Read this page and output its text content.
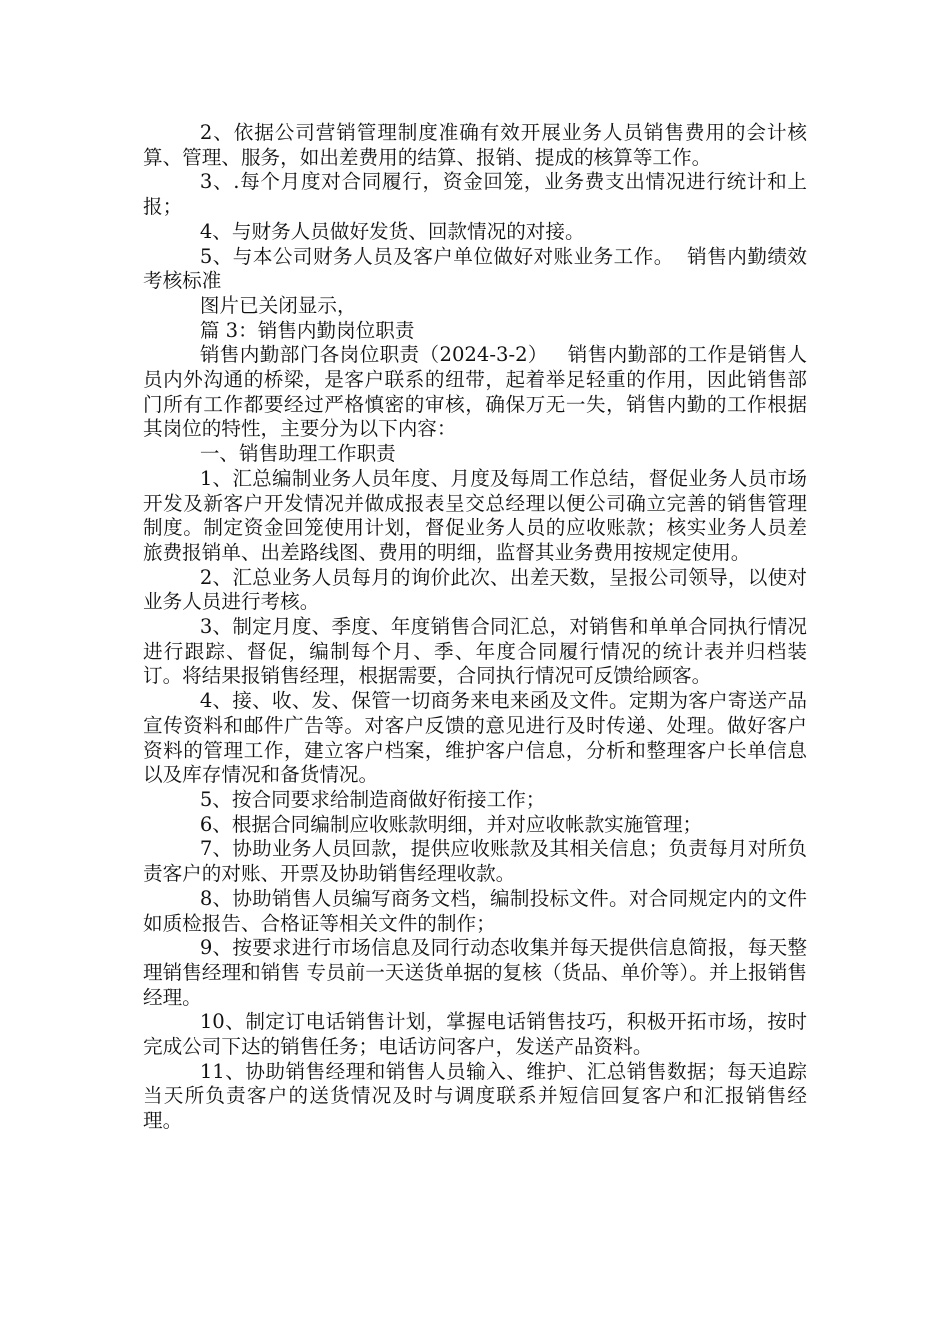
2、依据公司营销管理制度准确有效开展业务人员销售费用的会计核算、管理、服务，如出差费用的结算、报销、提成的核算等工作。

3、.每个月度对合同履行，资金回笼，业务费支出情况进行统计和上报；

4、与财务人员做好发货、回款情况的对接。

5、与本公司财务人员及客户单位做好对账业务工作。  销售内勤绩效考核标准

图片已关闭显示，

篇 3：销售内勤岗位职责

销售内勤部门各岗位职责（2024-3-2）   销售内勤部的工作是销售人员内外沟通的桥梁，是客户联系的纽带，起着举足轻重的作用，因此销售部门所有工作都要经过严格慎密的审核，确保万无一失，销售内勤的工作根据其岗位的特性，主要分为以下内容：

一、销售助理工作职责

1、汇总编制业务人员年度、月度及每周工作总结，督促业务人员市场开发及新客户开发情况并做成报表呈交总经理以便公司确立完善的销售管理制度。制定资金回笼使用计划，督促业务人员的应收账款；核实业务人员差旅费报销单、出差路线图、费用的明细，监督其业务费用按规定使用。

2、汇总业务人员每月的询价此次、出差天数，呈报公司领导，以使对业务人员进行考核。

3、制定月度、季度、年度销售合同汇总，对销售和单单合同执行情况进行跟踪、督促，编制每个月、季、年度合同履行情况的统计表并归档装订。将结果报销售经理，根据需要，合同执行情况可反馈给顾客。

4、接、收、发、保管一切商务来电来函及文件。定期为客户寄送产品宣传资料和邮件广告等。对客户反馈的意见进行及时传递、处理。做好客户资料的管理工作，建立客户档案，维护客户信息，分析和整理客户长单信息以及库存情况和备货情况。

5、按合同要求给制造商做好衔接工作；

6、根据合同编制应收账款明细，并对应收帐款实施管理；

7、协助业务人员回款，提供应收账款及其相关信息；负责每月对所负责客户的对账、开票及协助销售经理收款。

8、协助销售人员编写商务文档，编制投标文件。对合同规定内的文件如质检报告、合格证等相关文件的制作；

9、按要求进行市场信息及同行动态收集并每天提供信息简报，每天整理销售经理和销售 专员前一天送货单据的复核（货品、单价等）。并上报销售经理。

10、制定订电话销售计划，掌握电话销售技巧，积极开拓市场，按时完成公司下达的销售任务；电话访问客户，发送产品资料。

11、协助销售经理和销售人员输入、维护、汇总销售数据；每天追踪当天所负责客户的送货情况及时与调度联系并短信回复客户和汇报销售经理。
